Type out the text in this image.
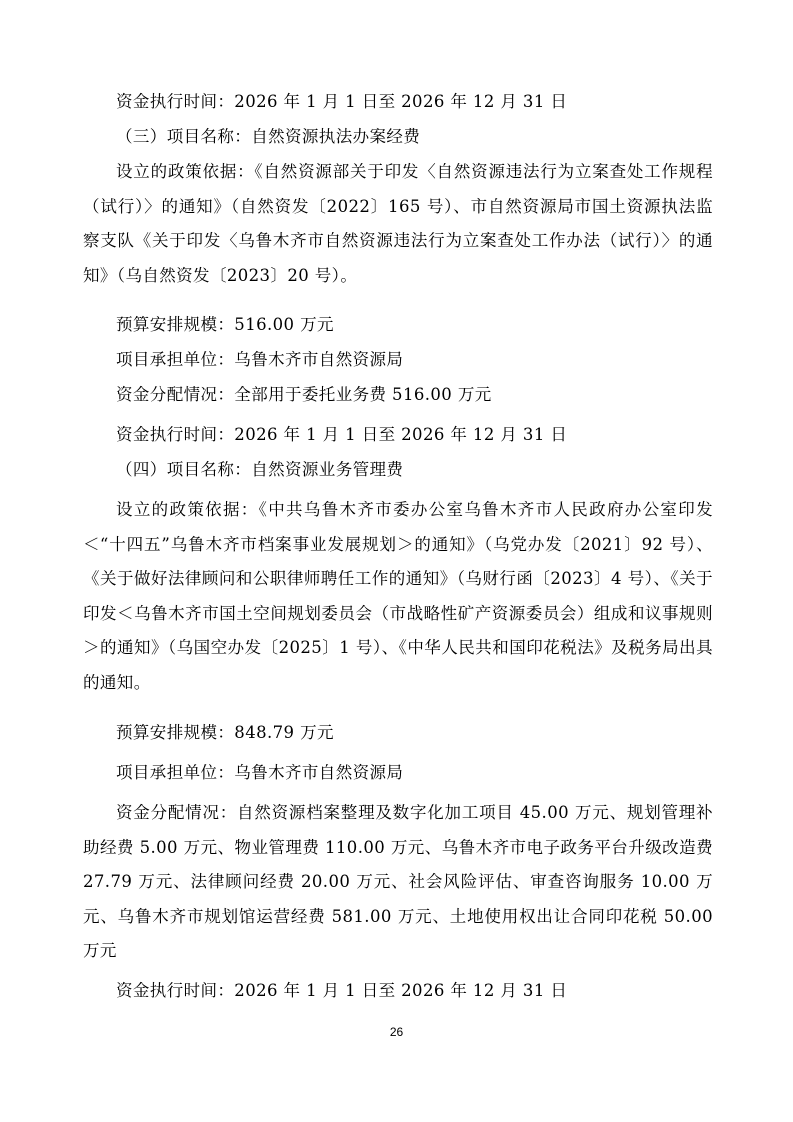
资金执行时间：2026 年 1 月 1 日至 2026 年 12 月 31 日

（三）项目名称：自然资源执法办案经费

设立的政策依据：《自然资源部关于印发〈自然资源违法行为立案查处工作规程（试行）〉的通知》（自然资发〔2022〕165 号）、市自然资源局市国土资源执法监察支队《关于印发〈乌鲁木齐市自然资源违法行为立案查处工作办法（试行）〉的通知》（乌自然资发〔2023〕20 号）。

预算安排规模：516.00 万元

项目承担单位：乌鲁木齐市自然资源局

资金分配情况：全部用于委托业务费 516.00 万元

资金执行时间：2026 年 1 月 1 日至 2026 年 12 月 31 日

（四）项目名称：自然资源业务管理费

设立的政策依据：《中共乌鲁木齐市委办公室乌鲁木齐市人民政府办公室印发＜“十四五”乌鲁木齐市档案事业发展规划＞的通知》（乌党办发〔2021〕92 号）、《关于做好法律顾问和公职律师聘任工作的通知》（乌财行函〔2023〕4 号）、《关于印发＜乌鲁木齐市国土空间规划委员会（市战略性矿产资源委员会）组成和议事规则＞的通知》（乌国空办发〔2025〕1 号）、《中华人民共和国印花税法》及税务局出具的通知。

预算安排规模：848.79 万元

项目承担单位：乌鲁木齐市自然资源局

资金分配情况：自然资源档案整理及数字化加工项目 45.00 万元、规划管理补助经费 5.00 万元、物业管理费 110.00 万元、乌鲁木齐市电子政务平台升级改造费 27.79 万元、法律顾问经费 20.00 万元、社会风险评估、审查咨询服务 10.00 万元、乌鲁木齐市规划馆运营经费 581.00 万元、土地使用权出让合同印花税 50.00 万元

资金执行时间：2026 年 1 月 1 日至 2026 年 12 月 31 日

26
